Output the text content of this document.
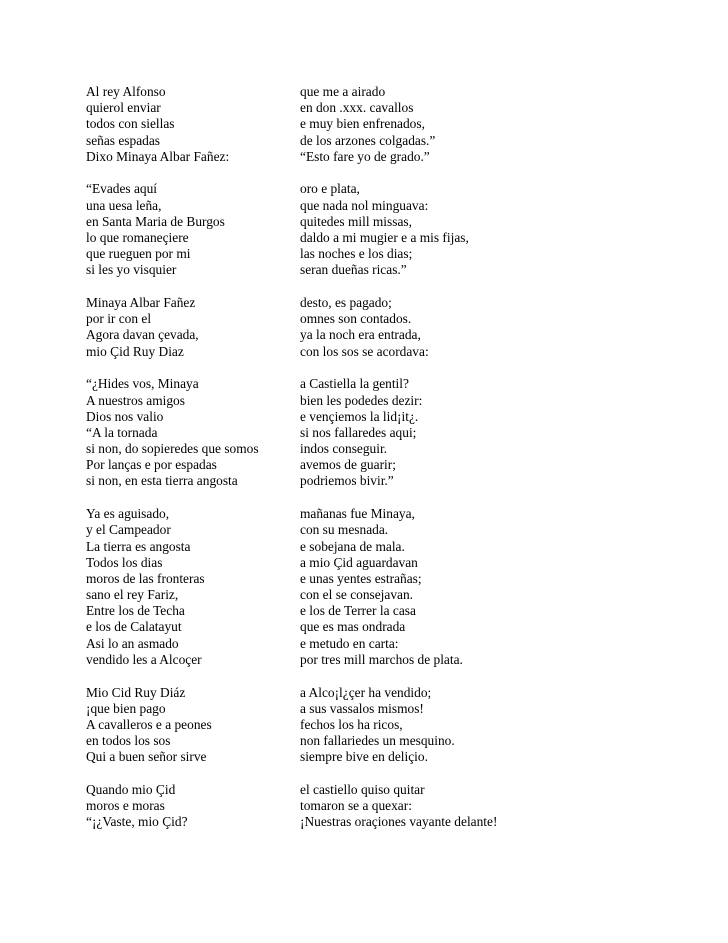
Al rey Alfonso	que me a airado
quierol enviar	en don .xxx. cavallos
todos con siellas	e muy bien enfrenados,
señas espadas	de los arzones colgadas.”
Dixo Minaya Albar Fañez:	“Esto fare yo de grado.”
“Evades aquí	oro e plata,
una uesa leña,	que nada nol minguava:
en Santa Maria de Burgos	quitedes mill missas,
lo que romaneçiere	daldo a mi mugier e a mis fijas,
que rueguen por mi	las noches e los dias;
si les yo visquier	seran dueñas ricas.”
Minaya Albar Fañez	desto, es pagado;
por ir con el	omnes son contados.
Agora davan çevada,	ya la noch era entrada,
mio Çid Ruy Diaz	con los sos se acordava:
“¿Hides vos, Minaya	a Castiella la gentil?
A nuestros amigos	bien les podedes dezir:
Dios nos valio	e vençiemos la lid¡it¿.
“A la tornada	si nos fallaredes aqui;
si non, do sopieredes que somos	indos conseguir.
Por lanças e por espadas	avemos de guarir;
si non, en esta tierra angosta	podriemos bivir.”
Ya es aguisado,	mañanas fue Minaya,
y el Campeador	con su mesnada.
La tierra es angosta	e sobejana de mala.
Todos los dias	a mio Çid aguardavan
moros de las fronteras	e unas yentes estrañas;
sano el rey Fariz,	con el se consejavan.
Entre los de Techa	e los de Terrer la casa
e los de Calatayut	que es mas ondrada
Asi lo an asmado	e metudo en carta:
vendido les a Alcoçer	por tres mill marchos de plata.
Mio Cid Ruy Diáz	a Alco¡l¿çer ha vendido;
¡que bien pago	a sus vassalos mismos!
A cavalleros e a peones	fechos los ha ricos,
en todos los sos	non fallariedes un mesquino.
Qui a buen señor sirve	siempre bive en deliçio.
Quando mio Çid	el castiello quiso quitar
moros e moras	tomaron se a quexar:
“¡¿Vaste, mio Çid?	¡Nuestras oraçiones vayante delante!
